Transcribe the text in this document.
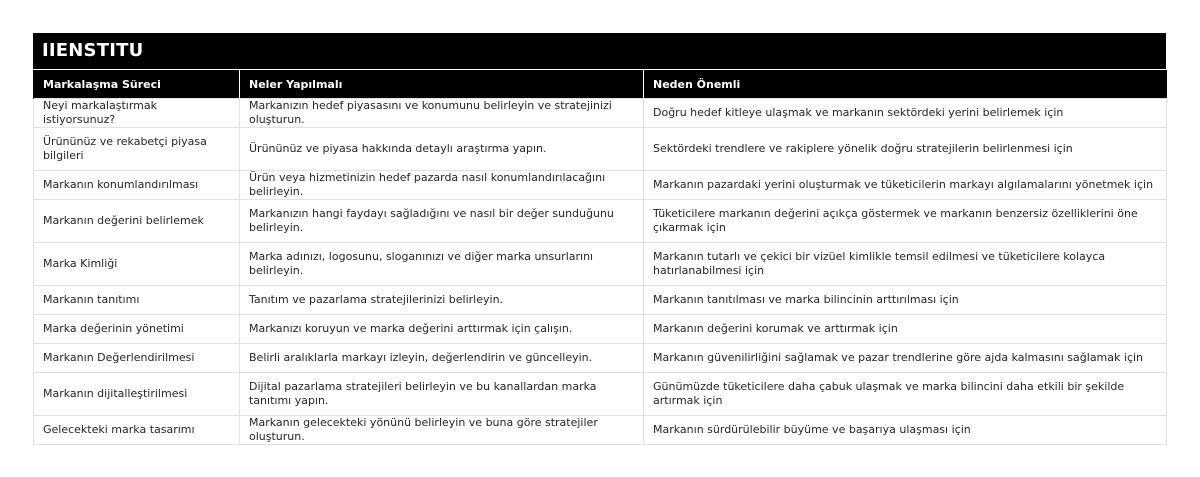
IIENSTITU
Markalaşma Süreci	Neler Yapılmalı	Neden Önemli
Neyi markalaştırmak istiyorsunuz?	Markanızın hedef piyasasını ve konumunu belirleyin ve stratejinizi oluşturun.	Doğru hedef kitleye ulaşmak ve markanın sektördeki yerini belirlemek için
Ürününüz ve rekabetçi piyasa bilgileri	Ürününüz ve piyasa hakkında detaylı araştırma yapın.	Sektördeki trendlere ve rakiplere yönelik doğru stratejilerin belirlenmesi için
Markanın konumlandırılması	Ürün veya hizmetinizin hedef pazarda nasıl konumlandırılacağını belirleyin.	Markanın pazardaki yerini oluşturmak ve tüketicilerin markayı algılamalarını yönetmek için
Markanın değerini belirlemek	Markanızın hangi faydayı sağladığını ve nasıl bir değer sunduğunu belirleyin.	Tüketicilere markanın değerini açıkça göstermek ve markanın benzersiz özelliklerini öne çıkarmak için
Marka Kimliği	Marka adınızı, logosunu, sloganınızı ve diğer marka unsurlarını belirleyin.	Markanın tutarlı ve çekici bir vizüel kimlikle temsil edilmesi ve tüketicilere kolayca hatırlanabilmesi için
Markanın tanıtımı	Tanıtım ve pazarlama stratejilerinizi belirleyin.	Markanın tanıtılması ve marka bilincinin arttırılması için
Marka değerinin yönetimi	Markanızı koruyun ve marka değerini arttırmak için çalışın.	Markanın değerini korumak ve arttırmak için
Markanın Değerlendirilmesi	Belirli aralıklarla markayı izleyin, değerlendirin ve güncelleyin.	Markanın güvenilirliğini sağlamak ve pazar trendlerine göre ajda kalmasını sağlamak için
Markanın dijitalleştirilmesi	Dijital pazarlama stratejileri belirleyin ve bu kanallardan marka tanıtımı yapın.	Günümüzde tüketicilere daha çabuk ulaşmak ve marka bilincini daha etkili bir şekilde artırmak için
Gelecekteki marka tasarımı	Markanın gelecekteki yönünü belirleyin ve buna göre stratejiler oluşturun.	Markanın sürdürülebilir büyüme ve başarıya ulaşması için
